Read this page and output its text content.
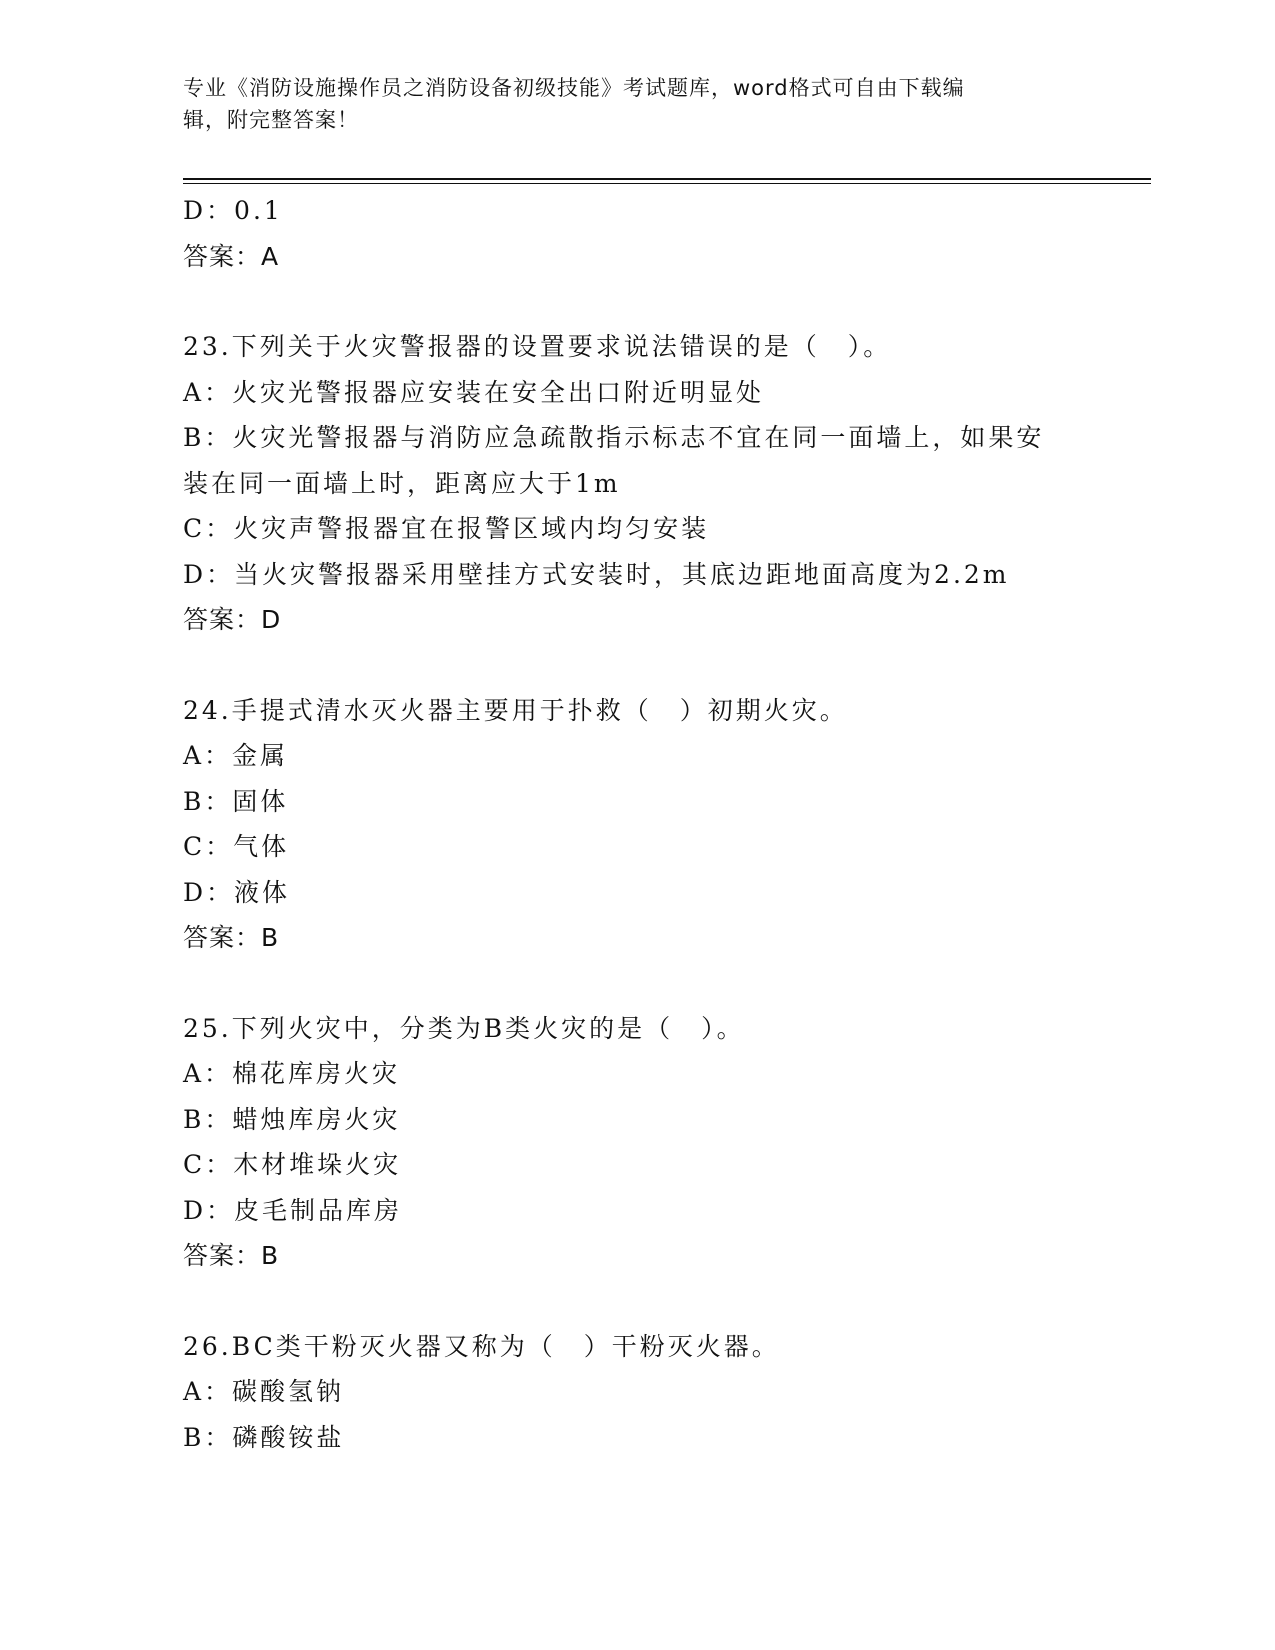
专业《消防设施操作员之消防设备初级技能》考试题库，word格式可自由下载编
辑，附完整答案！
D：0.1
答案：A
23.下列关于火灾警报器的设置要求说法错误的是（　）。
A：火灾光警报器应安装在安全出口附近明显处
B：火灾光警报器与消防应急疏散指示标志不宜在同一面墙上，如果安
装在同一面墙上时，距离应大于1m
C：火灾声警报器宜在报警区域内均匀安装
D：当火灾警报器采用壁挂方式安装时，其底边距地面高度为2.2m
答案：D
24.手提式清水灭火器主要用于扑救（　）初期火灾。
A：金属
B：固体
C：气体
D：液体
答案：B
25.下列火灾中，分类为B类火灾的是（　）。
A：棉花库房火灾
B：蜡烛库房火灾
C：木材堆垛火灾
D：皮毛制品库房
答案：B
26.BC类干粉灭火器又称为（　）干粉灭火器。
A：碳酸氢钠
B：磷酸铵盐
